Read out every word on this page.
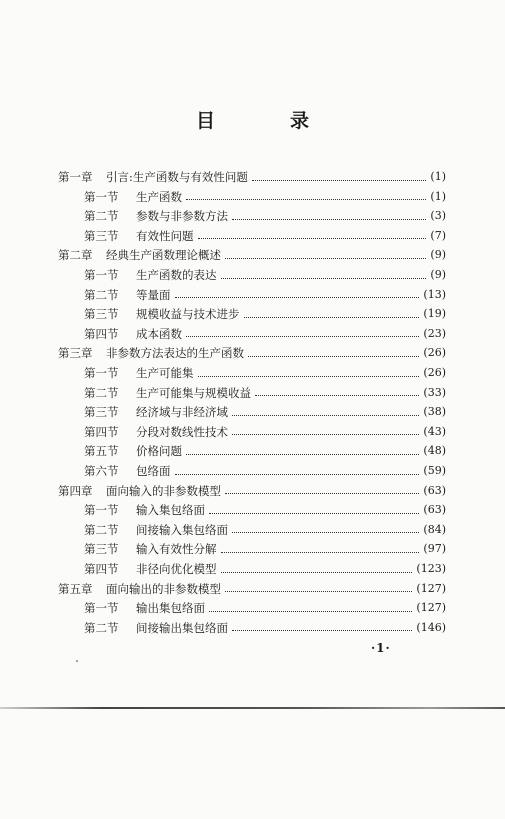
目　录
第一章	引言:生产函数与有效性问题	(1)
第一节	生产函数	(1)
第二节	参数与非参数方法	(3)
第三节	有效性问题	(7)
第二章	经典生产函数理论概述	(9)
第一节	生产函数的表达	(9)
第二节	等量面	(13)
第三节	规模收益与技术进步	(19)
第四节	成本函数	(23)
第三章	非参数方法表达的生产函数	(26)
第一节	生产可能集	(26)
第二节	生产可能集与规模收益	(33)
第三节	经济域与非经济域	(38)
第四节	分段对数线性技术	(43)
第五节	价格问题	(48)
第六节	包络面	(59)
第四章	面向输入的非参数模型	(63)
第一节	输入集包络面	(63)
第二节	间接输入集包络面	(84)
第三节	输入有效性分解	(97)
第四节	非径向优化模型	(123)
第五章	面向输出的非参数模型	(127)
第一节	输出集包络面	(127)
第二节	间接输出集包络面	(146)
·1·
